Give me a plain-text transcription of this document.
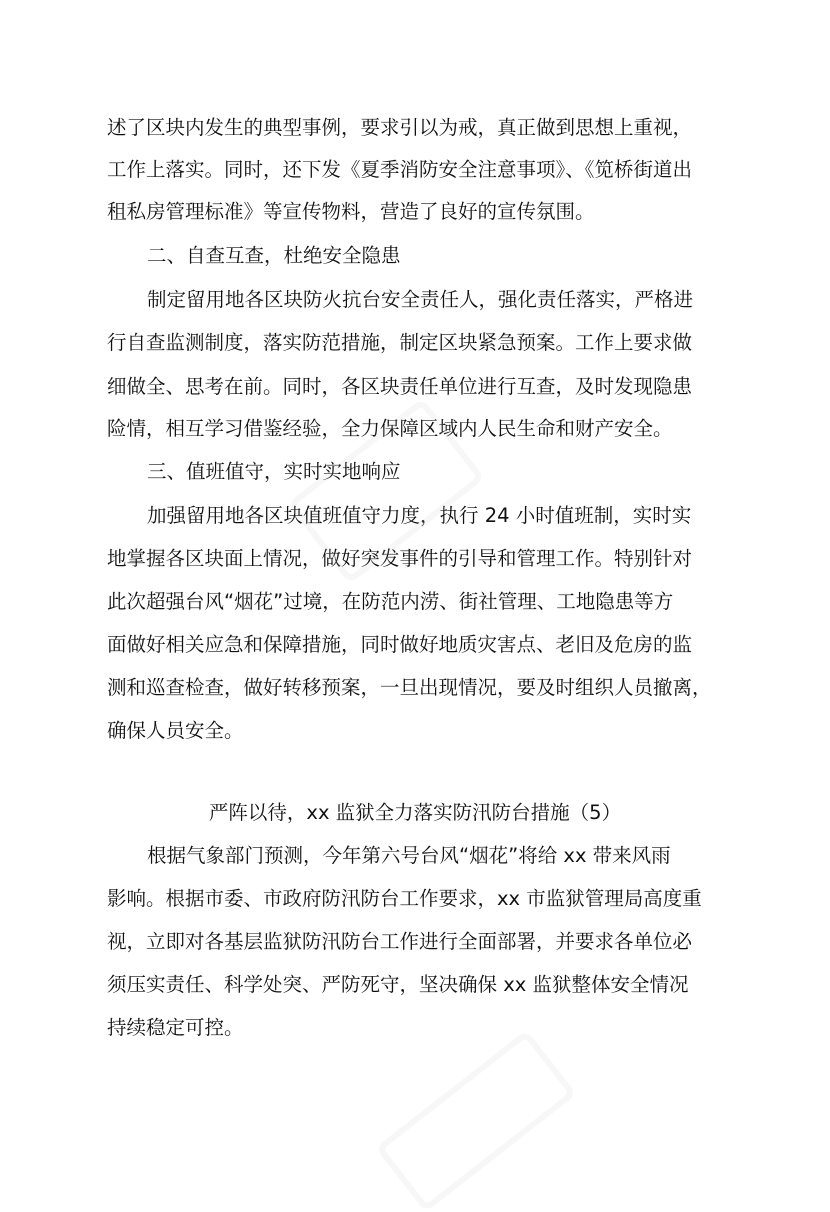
述了区块内发生的典型事例，要求引以为戒，真正做到思想上重视，

工作上落实。同时，还下发《夏季消防安全注意事项》、《笕桥街道出

租私房管理标准》等宣传物料，营造了良好的宣传氛围。

二、自查互查，杜绝安全隐患

制定留用地各区块防火抗台安全责任人，强化责任落实，严格进

行自查监测制度，落实防范措施，制定区块紧急预案。工作上要求做

细做全、思考在前。同时，各区块责任单位进行互查，及时发现隐患

险情，相互学习借鉴经验，全力保障区域内人民生命和财产安全。

三、值班值守，实时实地响应

加强留用地各区块值班值守力度，执行 24 小时值班制，实时实

地掌握各区块面上情况，做好突发事件的引导和管理工作。特别针对

此次超强台风“烟花”过境，在防范内涝、街社管理、工地隐患等方

面做好相关应急和保障措施，同时做好地质灾害点、老旧及危房的监

测和巡查检查，做好转移预案，一旦出现情况，要及时组织人员撤离，

确保人员安全。

严阵以待，xx 监狱全力落实防汛防台措施（5）

根据气象部门预测，今年第六号台风“烟花”将给 xx 带来风雨

影响。根据市委、市政府防汛防台工作要求，xx 市监狱管理局高度重

视，立即对各基层监狱防汛防台工作进行全面部署，并要求各单位必

须压实责任、科学处突、严防死守，坚决确保 xx 监狱整体安全情况

持续稳定可控。
